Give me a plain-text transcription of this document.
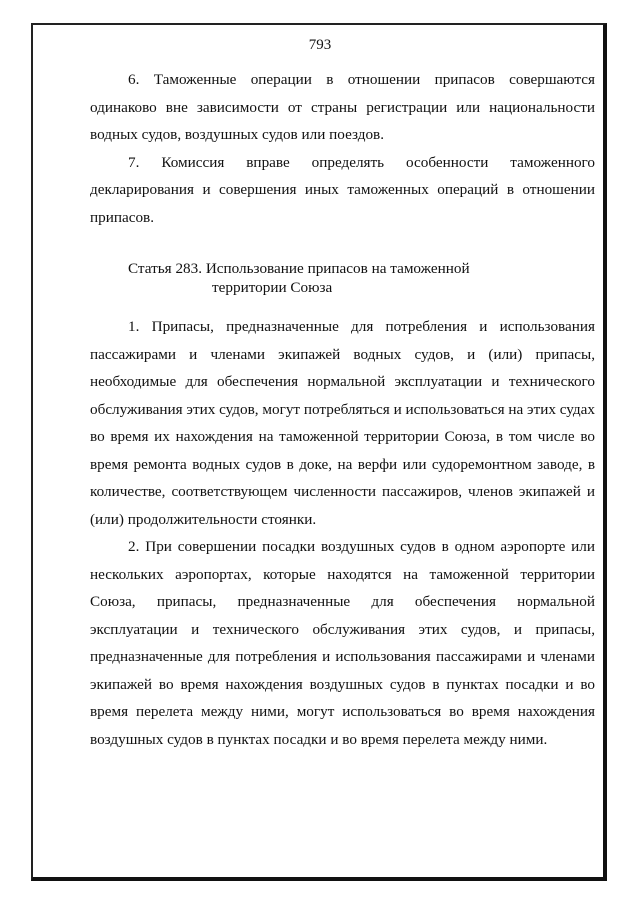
793

6. Таможенные операции в отношении припасов совершаются одинаково вне зависимости от страны регистрации или национальности водных судов, воздушных судов или поездов.

7. Комиссия вправе определять особенности таможенного декларирования и совершения иных таможенных операций в отношении припасов.

Статья 283. Использование припасов на таможенной
территории Союза

1. Припасы, предназначенные для потребления и использования пассажирами и членами экипажей водных судов, и (или) припасы, необходимые для обеспечения нормальной эксплуатации и технического обслуживания этих судов, могут потребляться и использоваться на этих судах во время их нахождения на таможенной территории Союза, в том числе во время ремонта водных судов в доке, на верфи или судоремонтном заводе, в количестве, соответствующем численности пассажиров, членов экипажей и (или) продолжительности стоянки.

2. При совершении посадки воздушных судов в одном аэропорте или нескольких аэропортах, которые находятся на таможенной территории Союза, припасы, предназначенные для обеспечения нормальной эксплуатации и технического обслуживания этих судов, и припасы, предназначенные для потребления и использования пассажирами и членами экипажей во время нахождения воздушных судов в пунктах посадки и во время перелета между ними, могут использоваться во время нахождения воздушных судов в пунктах посадки и во время перелета между ними.
